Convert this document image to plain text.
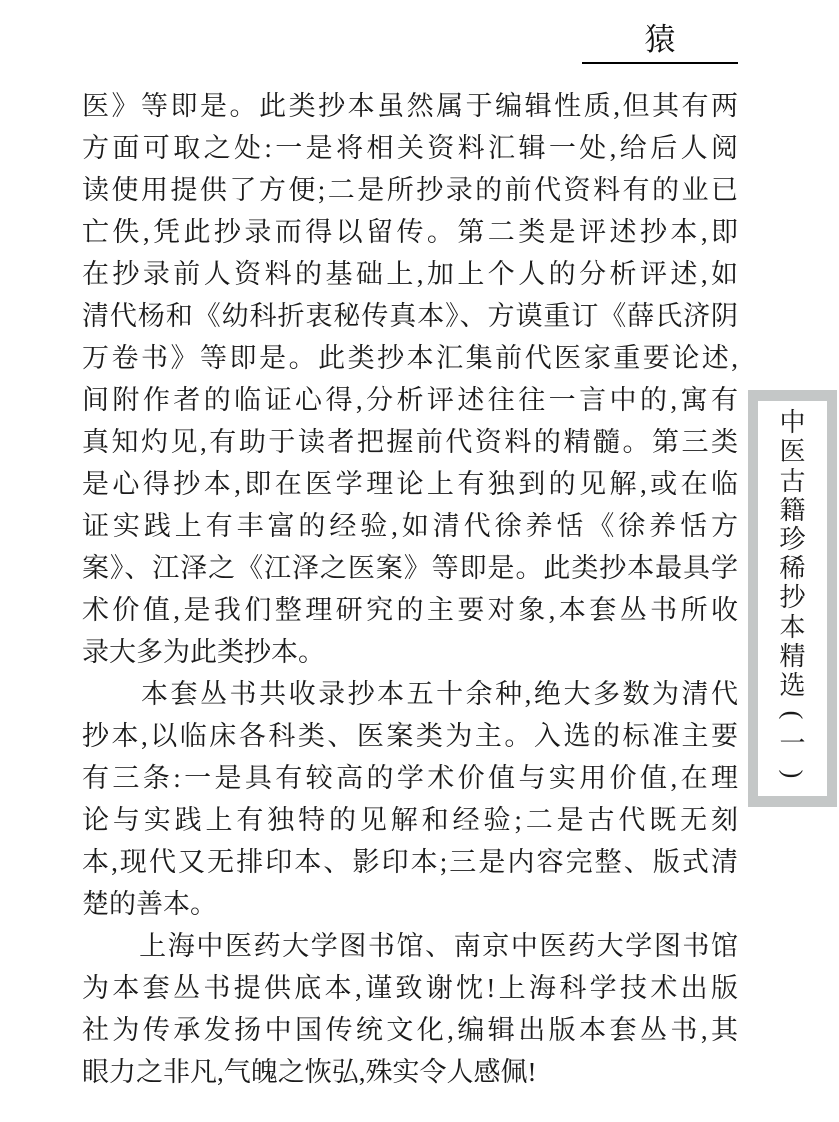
猿
医》等即是。此类抄本虽然属于编辑性质,但其有两
方面可取之处:一是将相关资料汇辑一处,给后人阅
读使用提供了方便;二是所抄录的前代资料有的业已
亡佚,凭此抄录而得以留传。第二类是评述抄本,即
在抄录前人资料的基础上,加上个人的分析评述,如
清代杨和《幼科折衷秘传真本》、方谟重订《薛氏济阴
万卷书》等即是。此类抄本汇集前代医家重要论述,
间附作者的临证心得,分析评述往往一言中的,寓有
真知灼见,有助于读者把握前代资料的精髓。第三类
是心得抄本,即在医学理论上有独到的见解,或在临
证实践上有丰富的经验,如清代徐养恬《徐养恬方
案》、江泽之《江泽之医案》等即是。此类抄本最具学
术价值,是我们整理研究的主要对象,本套丛书所收
录大多为此类抄本。
　　本套丛书共收录抄本五十余种,绝大多数为清代
抄本,以临床各科类、医案类为主。入选的标准主要
有三条:一是具有较高的学术价值与实用价值,在理
论与实践上有独特的见解和经验;二是古代既无刻
本,现代又无排印本、影印本;三是内容完整、版式清
楚的善本。
　　上海中医药大学图书馆、南京中医药大学图书馆
为本套丛书提供底本,谨致谢忱!上海科学技术出版
社为传承发扬中国传统文化,编辑出版本套丛书,其
眼力之非凡,气魄之恢弘,殊实令人感佩!
中
医
古
籍
珍
稀
抄
本
精
选
(
一
)
